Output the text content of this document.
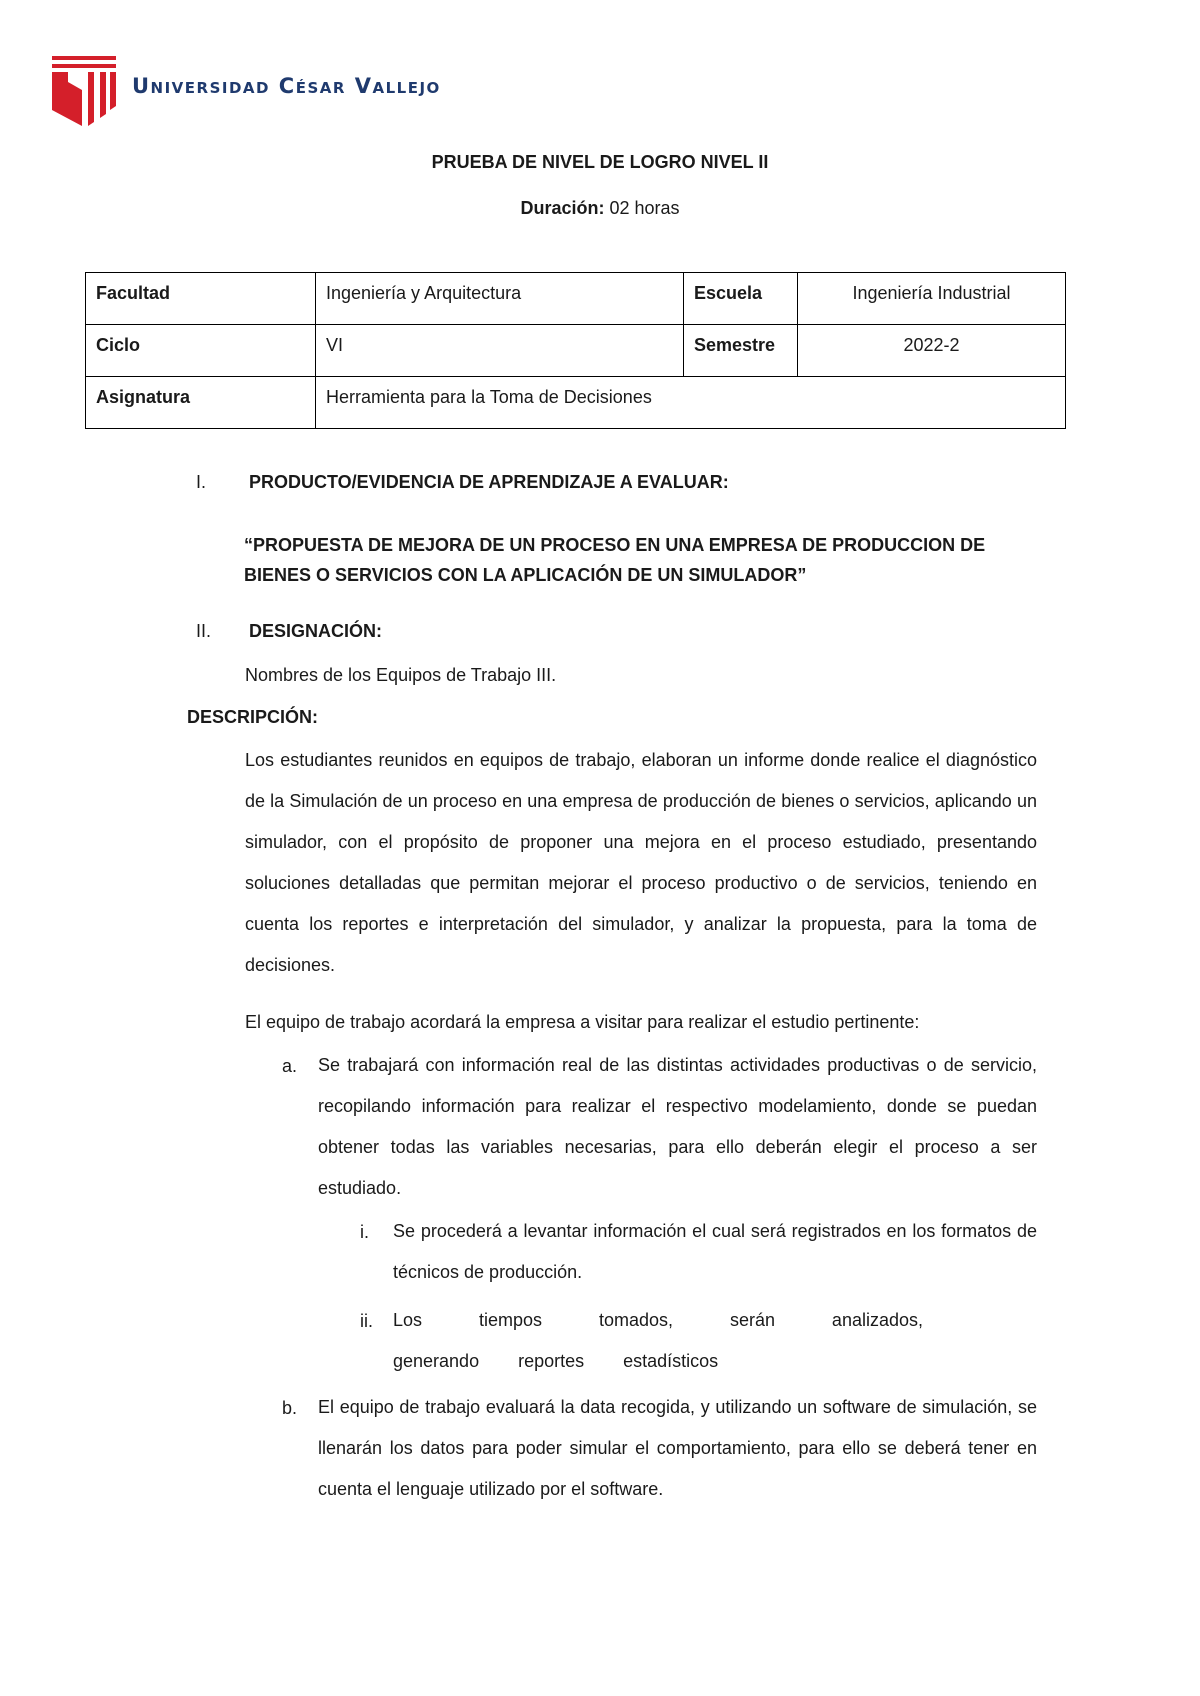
Universidad César Vallejo
PRUEBA DE NIVEL DE LOGRO NIVEL II
Duración: 02 horas
Facultad	Ingeniería y Arquitectura	Escuela	Ingeniería Industrial
Ciclo	VI	Semestre	2022-2
Asignatura	Herramienta para la Toma de Decisiones		
I. PRODUCTO/EVIDENCIA DE APRENDIZAJE A EVALUAR:
“PROPUESTA DE MEJORA DE UN PROCESO EN UNA EMPRESA DE PRODUCCION DE BIENES O SERVICIOS CON LA APLICACIÓN DE UN SIMULADOR”
II. DESIGNACIÓN:
Nombres de los Equipos de Trabajo III.
DESCRIPCIÓN:
Los estudiantes reunidos en equipos de trabajo, elaboran un informe donde realice el diagnóstico de la Simulación de un proceso en una empresa de producción de bienes o servicios, aplicando un simulador, con el propósito de proponer una mejora en el proceso estudiado, presentando soluciones detalladas que permitan mejorar el proceso productivo o de servicios, teniendo en cuenta los reportes e interpretación del simulador, y analizar la propuesta, para la toma de decisiones.
El equipo de trabajo acordará la empresa a visitar para realizar el estudio pertinente:
a. Se trabajará con información real de las distintas actividades productivas o de servicio, recopilando información para realizar el respectivo modelamiento, donde se puedan obtener todas las variables necesarias, para ello deberán elegir el proceso a ser estudiado.
i. Se procederá a levantar información el cual será registrados en los formatos de técnicos de producción.
ii. Los tiempos tomados, serán analizados, generando reportes estadísticos
b. El equipo de trabajo evaluará la data recogida, y utilizando un software de simulación, se llenarán los datos para poder simular el comportamiento, para ello se deberá tener en cuenta el lenguaje utilizado por el software.
